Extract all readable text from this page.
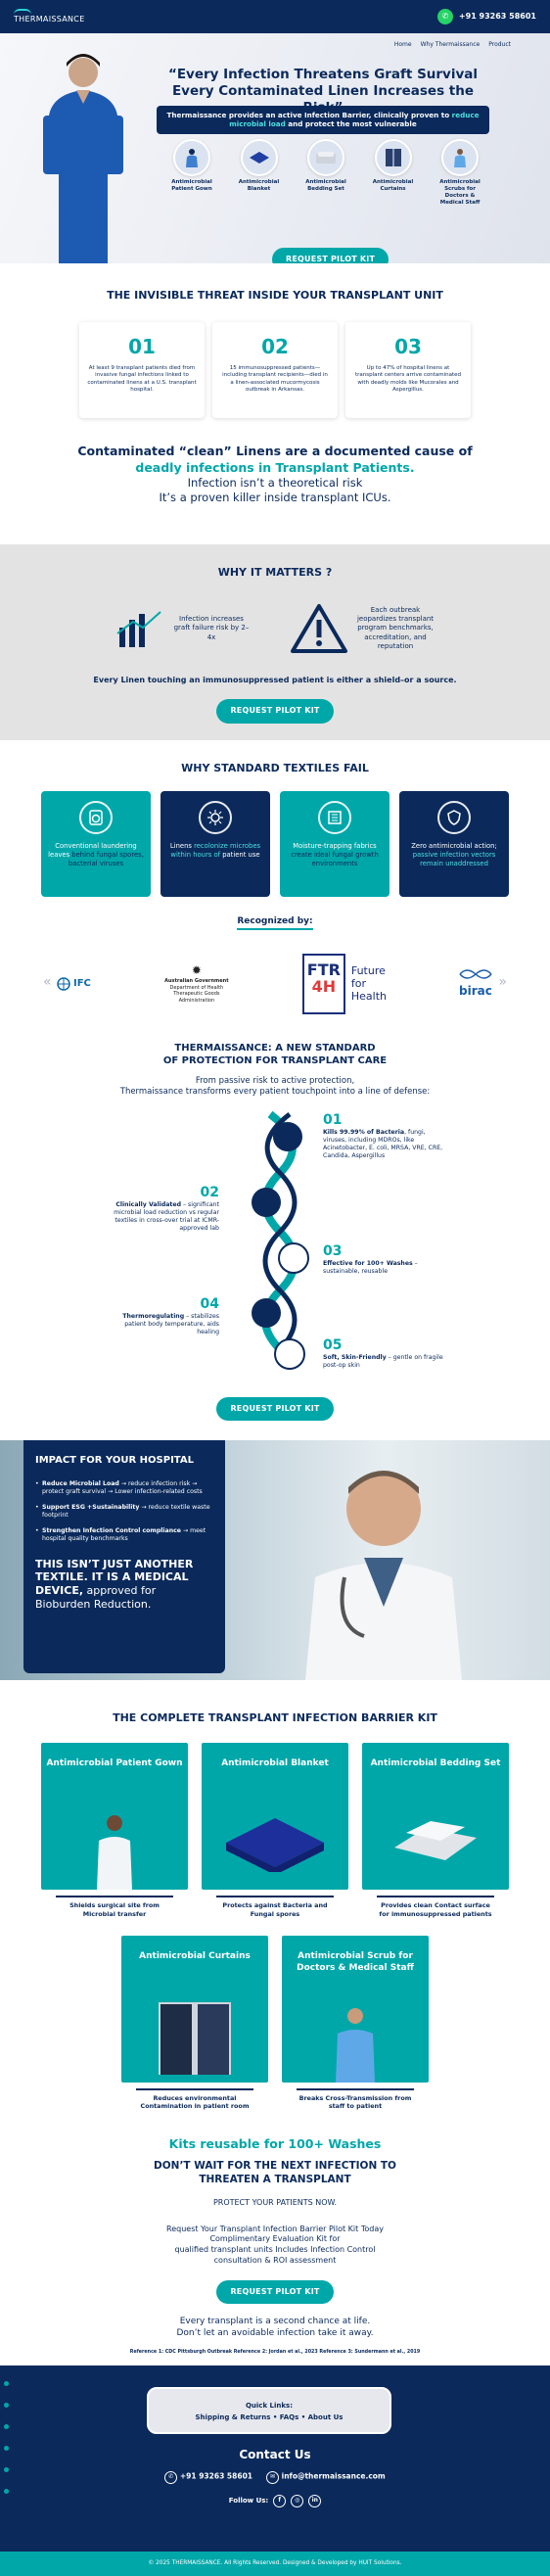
THERMAISSANCE	✆	+91 93263 58601
Home Why Thermaissance Product
“Every Infection Threatens Graft Survival Every Contaminated Linen Increases the
Thermaissance provides an active Infection Barrier, clinically proven to reduce microbial load and protect the most vulnerable
Antimicrobial Patient Gown
Antimicrobial Blanket
Antimicrobial Bedding Set
Antimicrobial Curtains
Antimicrobial Scrubs for Doctors & Medical Staff
REQUEST PILOT KIT
THE INVISIBLE THREAT INSIDE YOUR TRANSPLANT UNIT
01
At least 9 transplant patients died from invasive fungal infections linked to contaminated linens at a U.S. transplant hospital.
02
15 immunosuppressed patients—including transplant recipients—died in a linen-associated mucormycosis outbreak in Arkansas.
03
Up to 47% of hospital linens at transplant centers arrive contaminated with deadly molds like Mucorales and Aspergillus.
Contaminated “clean” Linens are a documented cause of
deadly infections in Transplant Patients.
Infection isn’t a theoretical risk
It’s a proven killer inside transplant ICUs.
WHY IT MATTERS ?
Infection increases graft failure risk by 2–4x
Each outbreak jeopardizes transplant program benchmarks, accreditation, and reputation
Every Linen touching an immunosuppressed patient is either a shield–or a source.
REQUEST PILOT KIT
WHY STANDARD TEXTILES FAIL
Conventional laundering leaves behind fungal spores, bacterial viruses
Linens recolonize microbes within hours of patient use
Moisture-trapping fabrics create ideal fungal growth environments
Zero antimicrobial action; passive infection vectors remain unaddressed
Recognized by:
« IFC
✹
Australian Government
Department of Health
Therapeutic Goods Administration
FTR
4H
Future
for
Health	birac
»
THERMAISSANCE: A NEW STANDARD
OF PROTECTION FOR TRANSPLANT CARE
From passive risk to active protection,
Thermaissance transforms every patient touchpoint into a line of defense:
01
Kills 99.99% of Bacteria, fungi, viruses, including MDROs, like Acinetobacter, E. coli, MRSA, VRE, CRE, Candida, Aspergillus
02
Clinically Validated – significant microbial load reduction vs regular textiles in cross-over trial at ICMR-approved lab
03
Effective for 100+ Washes – sustainable, reusable
04
Thermoregulating – stabilizes patient body temperature, aids healing
05
Soft, Skin-Friendly – gentle on fragile post-op skin
REQUEST PILOT KIT
IMPACT FOR YOUR HOSPITAL
• Reduce Microbial Load → reduce infection risk → protect graft survival → Lower infection-related costs
• Support ESG +Sustainability → reduce textile waste footprint
• Strengthen Infection Control compliance → meet hospital quality benchmarks
THIS ISN’T JUST ANOTHER TEXTILE. IT IS A MEDICAL DEVICE, approved for Bioburden Reduction.
THE COMPLETE TRANSPLANT INFECTION BARRIER KIT
Antimicrobial Patient Gown
Shields surgical site from Microbial transfer
Antimicrobial Blanket
Protects against Bacteria and Fungal spores
Antimicrobial Bedding Set
Provides clean Contact surface for immunosuppressed patients
Antimicrobial Curtains
Reduces environmental Contamination in patient room
Antimicrobial Scrub for Doctors & Medical Staff
Breaks Cross-Transmission from staff to patient
Kits reusable for 100+ Washes
DON’T WAIT FOR THE NEXT INFECTION TO
THREATEN A TRANSPLANT
PROTECT YOUR PATIENTS NOW.
Request Your Transplant Infection Barrier Pilot Kit Today
Complimentary Evaluation Kit for
qualified transplant units Includes Infection Control
consultation & ROI assessment
REQUEST PILOT KIT
Every transplant is a second chance at life.
Don’t let an avoidable infection take it away.
Reference 1: CDC Pittsburgh Outbreak Reference 2: Jordan et al., 2023 Reference 3: Sundermann et al., 2019
Quick Links:
Shipping & Returns • FAQs • About Us
Contact Us
✆ +91 93263 58601	✉ info@thermaissance.com
Follow Us:	f	◎	in
© 2025 THERMAISSANCE. All Rights Reserved. Designed & Developed by HUIT Solutions.
